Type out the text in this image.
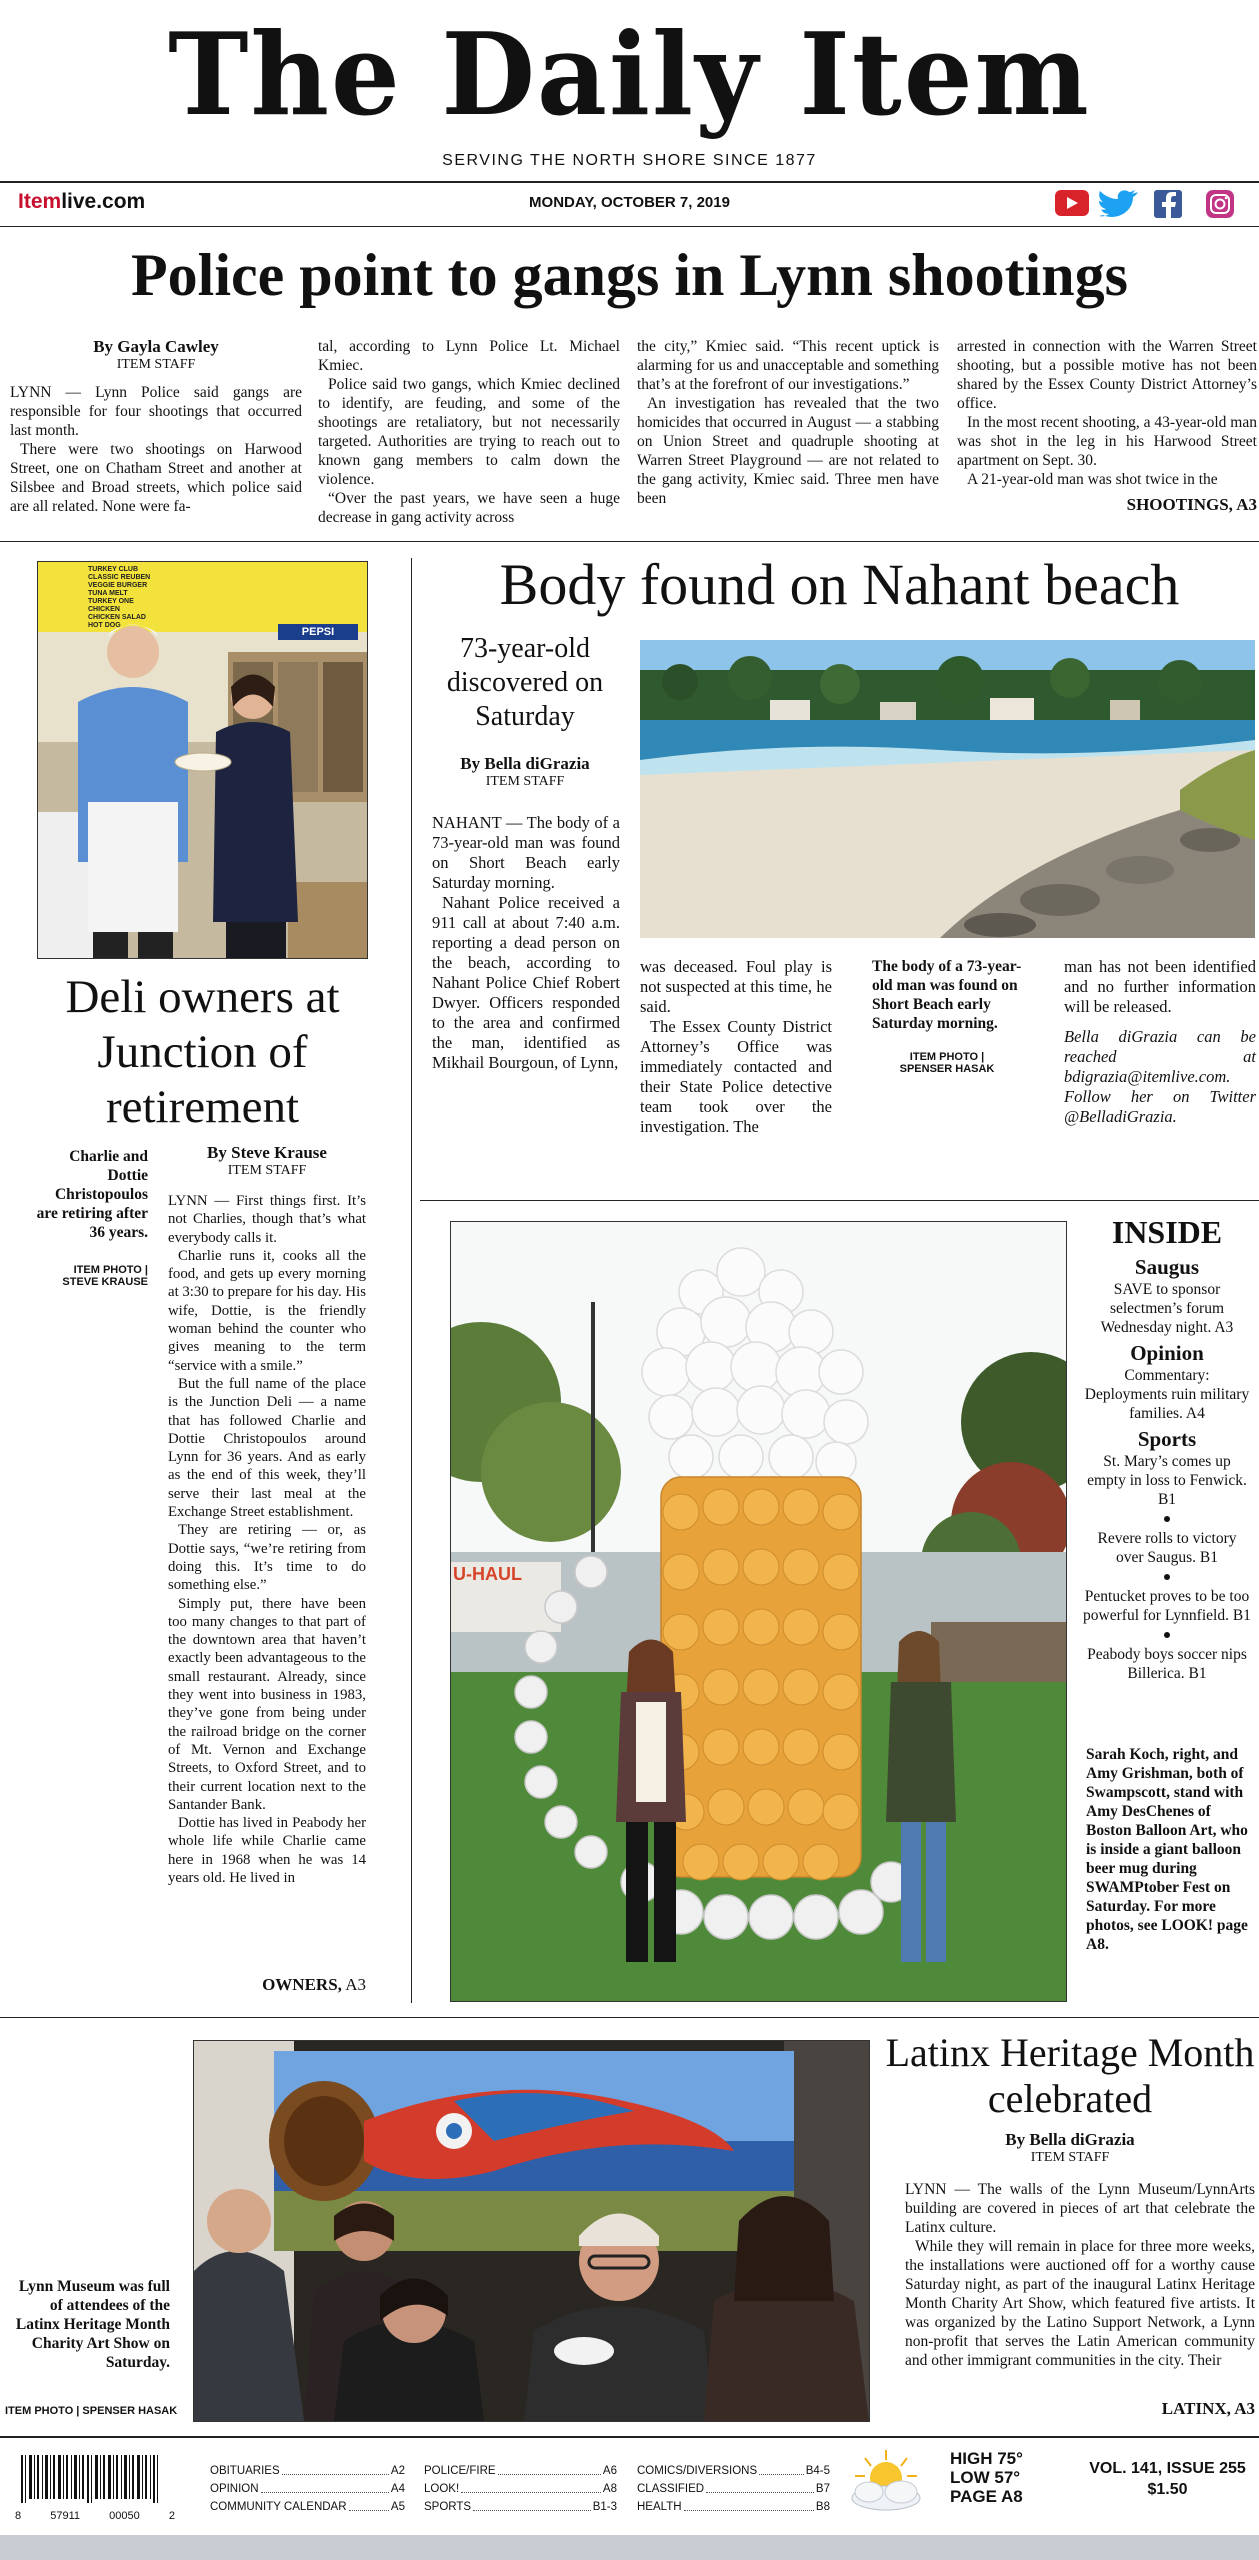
The Daily Item
SERVING THE NORTH SHORE SINCE 1877
Itemlive.com	MONDAY, OCTOBER 7, 2019
Police point to gangs in Lynn shootings
By Gayla Cawley
ITEM STAFF

LYNN — Lynn Police said gangs are responsible for four shootings that occurred last month.

There were two shootings on Harwood Street, one on Chatham Street and another at Silsbee and Broad streets, which police said are all related. None were fa-

tal, according to Lynn Police Lt. Michael Kmiec.

Police said two gangs, which Kmiec declined to identify, are feuding, and some of the shootings are retaliatory, but not necessarily targeted. Authorities are trying to reach out to known gang members to calm down the violence.

“Over the past years, we have seen a huge decrease in gang activity across

the city,” Kmiec said. “This recent uptick is alarming for us and unacceptable and something that’s at the forefront of our investigations.”

An investigation has revealed that the two homicides that occurred in August — a stabbing on Union Street and quadruple shooting at Warren Street Playground — are not related to the gang activity, Kmiec said. Three men have been

arrested in connection with the Warren Street shooting, but a possible motive has not been shared by the Essex County District Attorney’s office.

In the most recent shooting, a 43-year-old man was shot in the leg in his Harwood Street apartment on Sept. 30.

A 21-year-old man was shot twice in the

SHOOTINGS, A3
TURKEY CLUB
CLASSIC REUBEN
VEGGIE BURGER
TUNA MELT
TURKEY ONE
CHICKEN
CHICKEN SALAD
HOT DOG
PEPSI
Deli owners at Junction of retirement
Charlie and Dottie Christopoulos are retiring after 36 years.
ITEM PHOTO |
STEVE KRAUSE
By Steve Krause
ITEM STAFF

LYNN — First things first. It’s not Charlies, though that’s what everybody calls it.

Charlie runs it, cooks all the food, and gets up every morning at 3:30 to prepare for his day. His wife, Dottie, is the friendly woman behind the counter who gives meaning to the term “service with a smile.”

But the full name of the place is the Junction Deli — a name that has followed Charlie and Dottie Christopoulos around Lynn for 36 years. And as early as the end of this week, they’ll serve their last meal at the Exchange Street establishment.

They are retiring — or, as Dottie says, “we’re retiring from doing this. It’s time to do something else.”

Simply put, there have been too many changes to that part of the downtown area that haven’t exactly been advantageous to the small restaurant. Already, since they went into business in 1983, they’ve gone from being under the railroad bridge on the corner of Mt. Vernon and Exchange Streets, to Oxford Street, and to their current location next to the Santander Bank.

Dottie has lived in Peabody her whole life while Charlie came here in 1968 when he was 14 years old. He lived in

OWNERS, A3
Body found on Nahant beach
73-year-old discovered on Saturday
By Bella diGrazia
ITEM STAFF

NAHANT — The body of a 73-year-old man was found on Short Beach early Saturday morning.

Nahant Police received a 911 call at about 7:40 a.m. reporting a dead person on the beach, according to Nahant Police Chief Robert Dwyer. Officers responded to the area and confirmed the man, identified as Mikhail Bourgoun, of Lynn,

was deceased. Foul play is not suspected at this time, he said.

The Essex County District Attorney’s Office was immediately contacted and their State Police detective team took over the investigation. The

The body of a 73-year-old man was found on Short Beach early Saturday morning.
ITEM PHOTO |
SPENSER HASAK

man has not been identified and no further information will be released.

Bella diGrazia can be reached at bdigrazia@itemlive.com. Follow her on Twitter @BelladiGrazia.

U-HAUL
INSIDE
Saugus
SAVE to sponsor selectmen’s forum Wednesday night. A3
Opinion
Commentary: Deployments ruin military families. A4
Sports
St. Mary’s comes up empty in loss to Fenwick. B1
Revere rolls to victory over Saugus. B1
Pentucket proves to be too powerful for Lynnfield. B1
Peabody boys soccer nips Billerica. B1
Sarah Koch, right, and Amy Grishman, both of Swampscott, stand with Amy DesChenes of Boston Balloon Art, who is inside a giant balloon beer mug during SWAMPtober Fest on Saturday. For more photos, see LOOK! page A8.
Lynn Museum was full of attendees of the Latinx Heritage Month Charity Art Show on Saturday.
ITEM PHOTO | SPENSER HASAK
Latinx Heritage Month celebrated
By Bella diGrazia
ITEM STAFF

LYNN — The walls of the Lynn Museum/LynnArts building are covered in pieces of art that celebrate the Latinx culture.

While they will remain in place for three more weeks, the installations were auctioned off for a worthy cause Saturday night, as part of the inaugural Latinx Heritage Month Charity Art Show, which featured five artists. It was organized by the Latino Support Network, a Lynn non-profit that serves the Latin American community and other immigrant communities in the city. Their

LATINX, A3
8	57911	00050	2
OBITUARIES	A2
OPINION	A4
COMMUNITY CALENDAR	A5
POLICE/FIRE	A6
LOOK!	A8
SPORTS	B1-3
COMICS/DIVERSIONS	B4-5
CLASSIFIED	B7
HEALTH	B8
HIGH 75°
LOW 57°
PAGE A8
VOL. 141, ISSUE 255
$1.50
